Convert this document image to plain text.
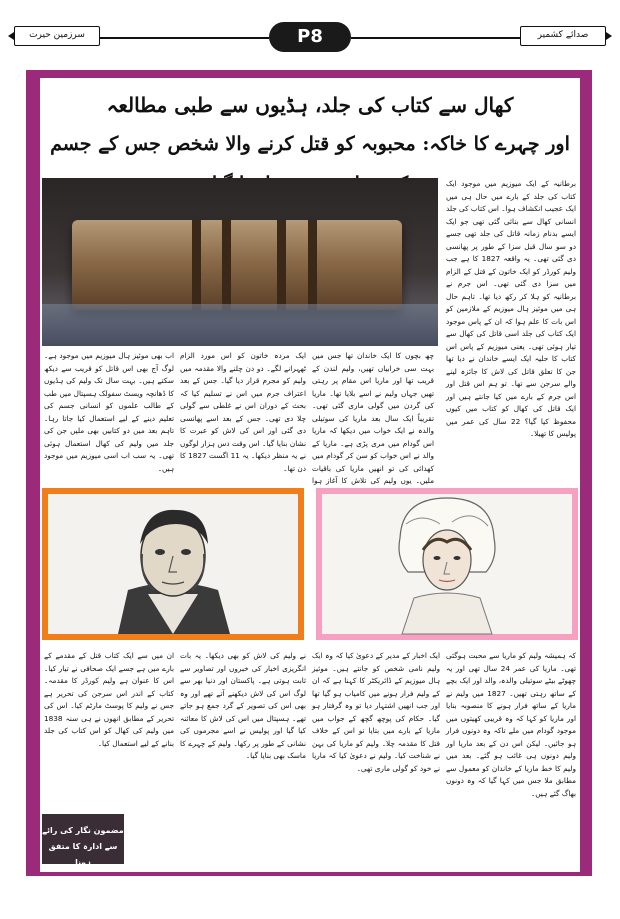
سرزمین حیرت	P8	صدائے کشمیر
کھال سے کتاب کی جلد، ہڈیوں سے طبی مطالعہ
اور چہرے کا خاکہ: محبوبہ کو قتل کرنے والا شخص جس کے جسم

برطانیہ کے ایک میوزیم میں موجود ایک کتاب کی جلد کے بارے میں حال ہی میں ایک عجیب انکشاف ہوا۔ اس کتاب کی جلد انسانی کھال سے بنائی گئی تھی جو ایک ایسے بدنام زمانہ قاتل کی جلد تھی جسے دو سو سال قبل سزا کے طور پر پھانسی دی گئی تھی۔ یہ واقعہ 1827 کا ہے جب ولیم کورڈر کو ایک خاتون کے قتل کے الزام میں سزا دی گئی تھی۔ اس جرم نے برطانیہ کو ہلا کر رکھ دیا تھا۔ تاہم حال ہی میں موئیز ہال میوزیم کے ملازمین کو اس بات کا علم ہوا کہ ان کے پاس موجود ایک کتاب کی جلد اسی قاتل کی کھال سے تیار ہوئی تھی۔ یعنی میوزیم کے پاس اس کتاب کا حلیہ ایک ایسے خاندان نے دیا تھا جن کا تعلق قاتل کی لاش کا جائزہ لینے والے سرجن سے تھا۔ تو ہم اس قتل اور اس جرم کے بارے میں کیا جانتے ہیں اور ایک قاتل کی کھال کو کتاب میں کیوں محفوظ کیا گیا؟ 22 سال کی عمر میں پولیس کا تھیلا۔

چھ بچوں کا ایک خاندان تھا جس میں بہت سی خرابیاں تھیں، ولیم لندن کے قریب تھا اور ماریا اس مقام پر رہتی تھیں جہاں ولیم نے اسے بلایا تھا۔ ماریا کی گردن میں گولی ماری گئی تھی۔ تقریباً ایک سال بعد ماریا کی سوتیلی والدہ نے ایک خواب میں دیکھا کہ ماریا اس گودام میں مری پڑی ہے۔ ماریا کے والد نے اس خواب کو سن کر گودام میں کھدائی کی تو انھیں ماریا کی باقیات ملیں۔ یوں ولیم کی تلاش کا آغاز ہوا

ایک مردہ خاتون کو اس مورد الزام ٹھہرانے لگے۔ دو دن چلنے والا مقدمہ میں ولیم کو مجرم قرار دیا گیا۔ جس کے بعد اعتراف جرم میں اس نے تسلیم کیا کہ بحث کے دوران اس نے غلطی سے گولی چلا دی تھی۔ جس کے بعد اسے پھانسی دی گئی اور اس کی لاش کو عبرت کا نشان بنایا گیا۔ اس وقت دس ہزار لوگوں نے یہ منظر دیکھا۔ یہ 11 اگست 1827 کا دن تھا۔

اب بھی موئیز ہال میوزیم میں موجود ہے۔ لوگ آج بھی اس قاتل کو قریب سے دیکھ سکتے ہیں۔ بہت سال تک ولیم کی ہڈیوں کا ڈھانچہ ویسٹ سفولک ہسپتال میں طب کے طالب علموں کو انسانی جسم کی تعلیم دینے کے لیے استعمال کیا جاتا رہا۔ تاہم بعد میں دو کتابیں بھی ملیں جن کی جلد میں ولیم کی کھال استعمال ہوئی تھی۔ یہ سب اب اسی میوزیم میں موجود ہیں۔

کہ ہمیشہ ولیم کو ماریا سے محبت ہوگئی تھی۔ ماریا کی عمر 24 سال تھی اور یہ چھوٹے بیٹے سوتیلی والدہ، والد اور ایک بچے کے ساتھ رہتی تھیں۔ 1827 میں ولیم نے ماریا کے ساتھ فرار ہونے کا منصوبہ بنایا اور ماریا کو کہا کہ وہ قریبی کھیتوں میں موجود گودام میں ملے تاکہ وہ دونوں فرار ہو جائیں۔ لیکن اس دن کے بعد ماریا اور ولیم دونوں ہی غائب ہو گئے۔ بعد میں ولیم کا خط ماریا کے خاندان کو معمول سے مطابق ملا جس میں کہا گیا کہ وہ دونوں بھاگ گئے ہیں۔

ایک اخبار کے مدیر کے دعویٰ کیا کہ وہ ایک ولیم نامی شخص کو جانتے ہیں۔ موئیز ہال میوزیم کے ڈائریکٹر کا کہنا ہے کہ ان کے ولیم فرار ہونے میں کامیاب ہو گیا تھا اور جب انھیں اشتہار دیا تو وہ گرفتار ہو گیا۔ حکام کی پوچھ گچھ کے جواب میں ماریا کے بارے میں بتایا تو اس کے خلاف قتل کا مقدمہ چلا۔ ولیم کو ماریا کی بہن نے شناخت کیا۔ ولیم نے دعویٰ کیا کہ ماریا نے خود کو گولی ماری تھی۔

نے ولیم کی لاش کو بھی دیکھا۔ یہ بات انگریزی اخبار کی خبروں اور تصاویر سے ثابت ہوتی ہے۔ پاکستان اور دنیا بھر سے لوگ اس کی لاش دیکھنے آتے تھے اور وہ بھی اس کی تصویر کے گرد جمع ہو جاتے تھے۔ ہسپتال میں اس کی لاش کا معائنہ کیا گیا اور پولیس نے اسے مجرموں کی نشانی کے طور پر رکھا۔ ولیم کے چہرے کا ماسک بھی بنایا گیا۔

ان میں سے ایک کتاب قتل کے مقدمے کے بارے میں ہے جسے ایک صحافی نے تیار کیا۔ اس کا عنوان ہے ولیم کورڈر کا مقدمہ۔ کتاب کے اندر اس سرجن کی تحریر ہے جس نے ولیم کا پوسٹ مارٹم کیا۔ اس کی تحریر کے مطابق انھوں نے ہی سنہ 1838 میں ولیم کی کھال کو اس کتاب کی جلد بنانے کے لیے استعمال کیا۔

مضمون نگار کی رائے سے ادارہ کا متفق ہونا
ضروری نہیں ہے مصنف کی ذاتی رائے ہے
